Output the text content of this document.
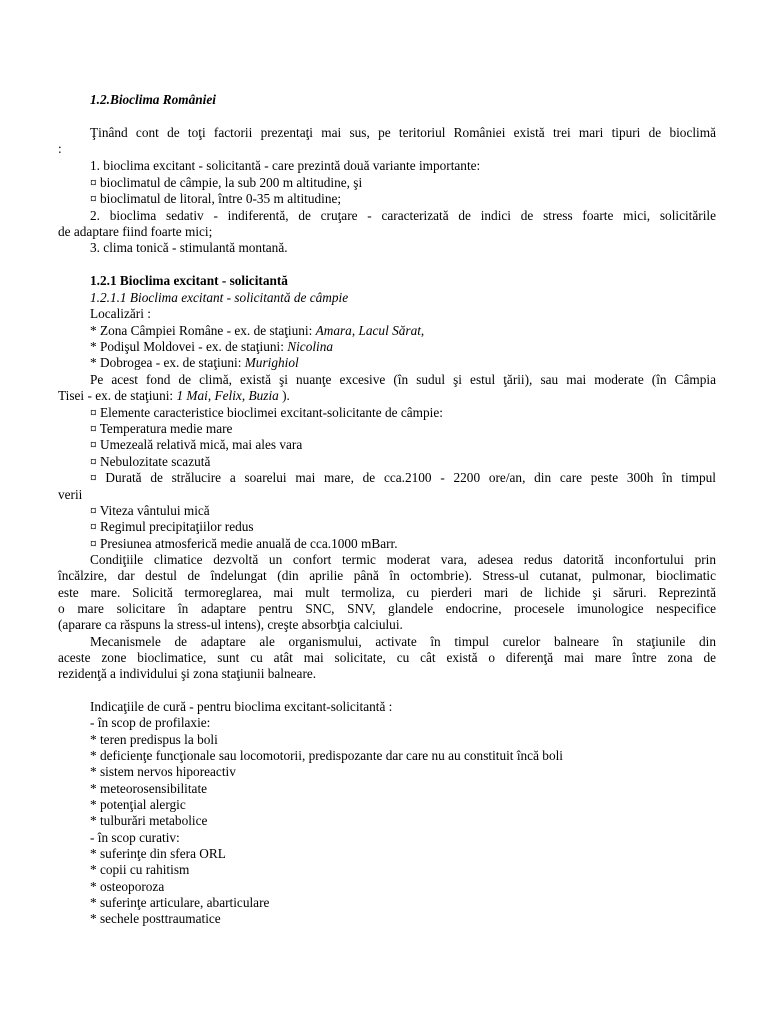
1.2.Bioclima României
Ţinând cont de toţi factorii prezentaţi mai sus, pe teritoriul României există trei mari tipuri de bioclimă
:
1. bioclima excitant - solicitantă - care prezintă două variante importante:
¤ bioclimatul de câmpie, la sub 200 m altitudine, şi
¤ bioclimatul de litoral, între 0-35 m altitudine;
2. bioclima sedativ - indiferentă, de cruţare - caracterizată de indici de stress foarte mici, solicitările
de adaptare fiind foarte mici;
3. clima tonică - stimulantă montană.
1.2.1 Bioclima excitant - solicitantă
1.2.1.1 Bioclima excitant - solicitantă de câmpie
Localizări :
* Zona Câmpiei Române - ex. de staţiuni: Amara, Lacul Sărat,
* Podişul Moldovei - ex. de staţiuni: Nicolina
* Dobrogea - ex. de staţiuni: Murighiol
Pe acest fond de climă, există şi nuanţe excesive (în sudul şi estul ţării), sau mai moderate (în Câmpia
Tisei - ex. de staţiuni: 1 Mai, Felix, Buzia ).
¤ Elemente caracteristice bioclimei excitant-solicitante de câmpie:
¤ Temperatura medie mare
¤ Umezeală relativă mică, mai ales vara
¤ Nebulozitate scazută
¤ Durată de strălucire a soarelui mai mare, de cca.2100 - 2200 ore/an, din care peste 300h în timpul
verii
¤ Viteza vântului mică
¤ Regimul precipitaţiilor redus
¤ Presiunea atmosferică medie anuală de cca.1000 mBarr.
Condiţiile climatice dezvoltă un confort termic moderat vara, adesea redus datorită inconfortului prin
încălzire, dar destul de îndelungat (din aprilie până în octombrie). Stress-ul cutanat, pulmonar, bioclimatic
este mare. Solicită termoreglarea, mai mult termoliza, cu pierderi mari de lichide şi săruri. Reprezintă
o mare solicitare în adaptare pentru SNC, SNV, glandele endocrine, procesele imunologice nespecifice
(aparare ca răspuns la stress-ul intens), creşte absorbţia calciului.
Mecanismele de adaptare ale organismului, activate în timpul curelor balneare în staţiunile din
aceste zone bioclimatice, sunt cu atât mai solicitate, cu cât există o diferenţă mai mare între zona de
rezidenţă a individului şi zona staţiunii balneare.
Indicaţiile de cură - pentru bioclima excitant-solicitantă :
- în scop de profilaxie:
* teren predispus la boli
* deficienţe funcţionale sau locomotorii, predispozante dar care nu au constituit încă boli
* sistem nervos hiporeactiv
* meteorosensibilitate
* potenţial alergic
* tulburări metabolice
- în scop curativ:
* suferinţe din sfera ORL
* copii cu rahitism
* osteoporoza
* suferinţe articulare, abarticulare
* sechele posttraumatice
